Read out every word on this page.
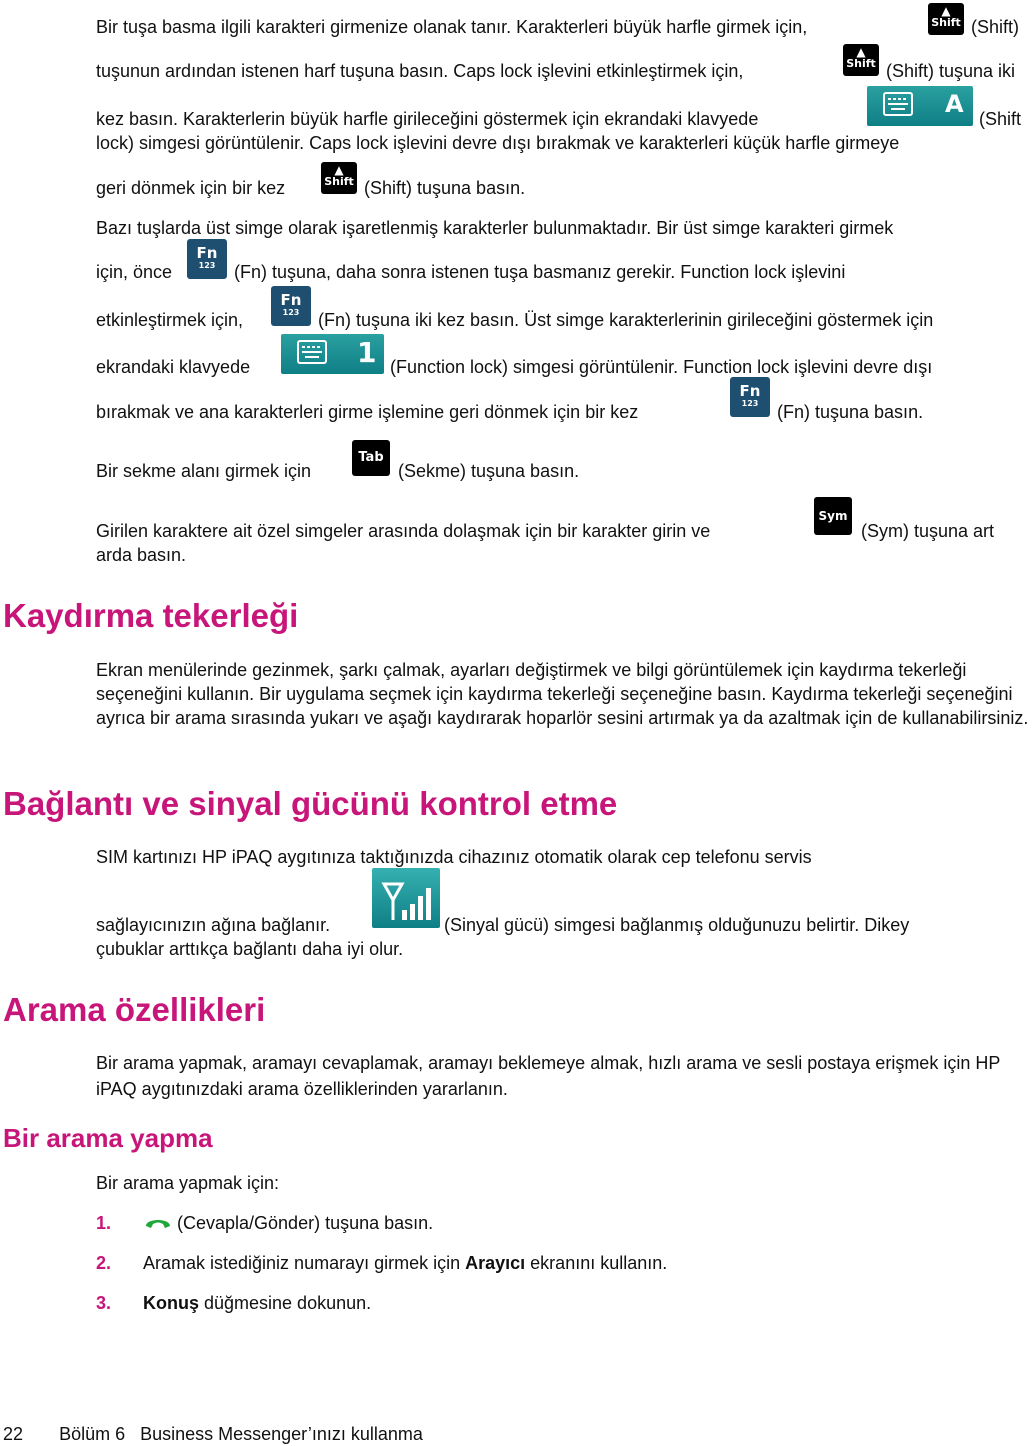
Bir tuşa basma ilgili karakteri girmenize olanak tanır. Karakterleri büyük harfle girmek için,
▲
Shift (Shift)
tuşunun ardından istenen harf tuşuna basın. Caps lock işlevini etkinleştirmek için,
▲
Shift (Shift) tuşuna iki
kez basın. Karakterlerin büyük harfle girileceğini göstermek için ekrandaki klavyede
A
(Shift
lock) simgesi görüntülenir. Caps lock işlevini devre dışı bırakmak ve karakterleri küçük harfle girmeye
geri dönmek için bir kez
▲
Shift (Shift) tuşuna basın.
Bazı tuşlarda üst simge olarak işaretlenmiş karakterler bulunmaktadır. Bir üst simge karakteri girmek
için, önce
Fn
123	(Fn) tuşuna, daha sonra istenen tuşa basmanız gerekir. Function lock işlevini
etkinleştirmek için,
Fn
123	(Fn) tuşuna iki kez basın. Üst simge karakterlerinin girileceğini göstermek için
ekrandaki klavyede	1 (Function lock) simgesi görüntülenir. Function lock işlevini devre dışı
bırakmak ve ana karakterleri girme işlemine geri dönmek için bir kez
Fn
123	(Fn) tuşuna basın.
Bir sekme alanı girmek için
Tab
(Sekme) tuşuna basın.
Girilen karaktere ait özel simgeler arasında dolaşmak için bir karakter girin ve
Sym
(Sym) tuşuna art
arda basın.
Kaydırma tekerleği
Ekran menülerinde gezinmek, şarkı çalmak, ayarları değiştirmek ve bilgi görüntülemek için kaydırma tekerleği seçeneğini kullanın. Bir uygulama seçmek için kaydırma tekerleği seçeneğine basın. Kaydırma tekerleği seçeneğini ayrıca bir arama sırasında yukarı ve aşağı kaydırarak hoparlör sesini artırmak ya da azaltmak için de kullanabilirsiniz.
Bağlantı ve sinyal gücünü kontrol etme
SIM kartınızı HP iPAQ aygıtınıza taktığınızda cihazınız otomatik olarak cep telefonu servis
sağlayıcınızın ağına bağlanır.	(Sinyal gücü) simgesi bağlanmış olduğunuzu belirtir. Dikey
çubuklar arttıkça bağlantı daha iyi olur.
Arama özellikleri
Bir arama yapmak, aramayı cevaplamak, aramayı beklemeye almak, hızlı arama ve sesli postaya erişmek için HP iPAQ aygıtınızdaki arama özelliklerinden yararlanın.
Bir arama yapma
Bir arama yapmak için:
1.	(Cevapla/Gönder) tuşuna basın.
2. Aramak istediğiniz numarayı girmek için Arayıcı ekranını kullanın.
3. Konuş düğmesine dokunun.
22 Bölüm 6   Business Messenger’ınızı kullanma
